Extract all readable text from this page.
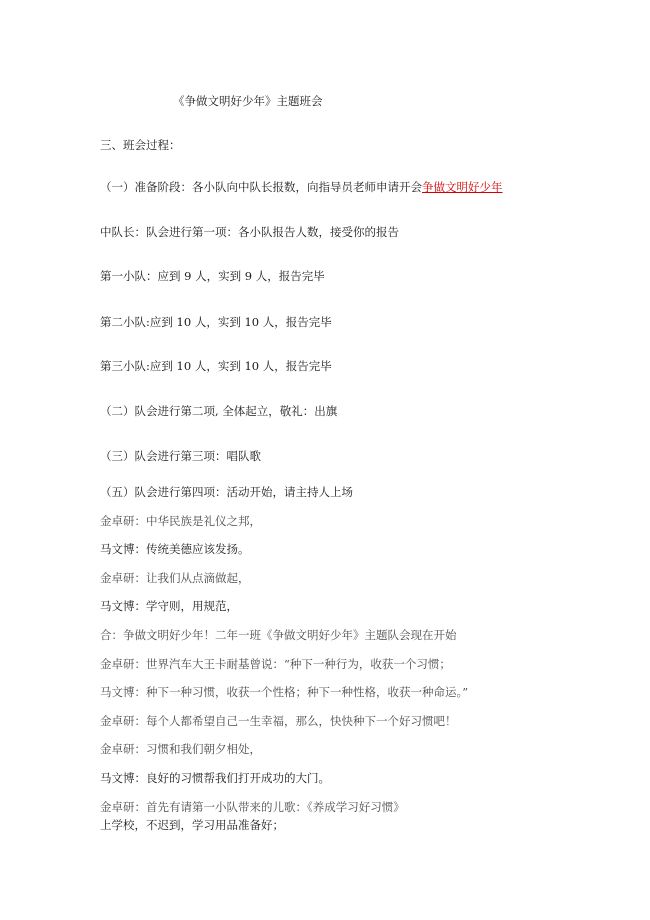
《争做文明好少年》主题班会
三、班会过程：
（一）准备阶段：各小队向中队长报数，向指导员老师申请开会争做文明好少年
中队长：队会进行第一项：各小队报告人数，接受你的报告
第一小队：应到 9 人，实到 9 人，报告完毕
第二小队:应到 10 人，实到 10 人，报告完毕
第三小队:应到 10 人，实到 10 人，报告完毕
（二）队会进行第二项, 全体起立，敬礼：出旗
（三）队会进行第三项：唱队歌
（五）队会进行第四项：活动开始，请主持人上场
金卓研：中华民族是礼仪之邦，
马文博：传统美德应该发扬。
金卓研：让我们从点滴做起，
马文博：学守则，用规范，
合：争做文明好少年！二年一班《争做文明好少年》主题队会现在开始
金卓研：世界汽车大王卡耐基曾说：“种下一种行为，收获一个习惯；
马文博：种下一种习惯，收获一个性格；种下一种性格，收获一种命运。”
金卓研：每个人都希望自己一生幸福，那么，快快种下一个好习惯吧！
金卓研：习惯和我们朝夕相处，
马文博：良好的习惯帮我们打开成功的大门。
金卓研：首先有请第一小队带来的儿歌：《养成学习好习惯》
上学校，不迟到，学习用品准备好；
